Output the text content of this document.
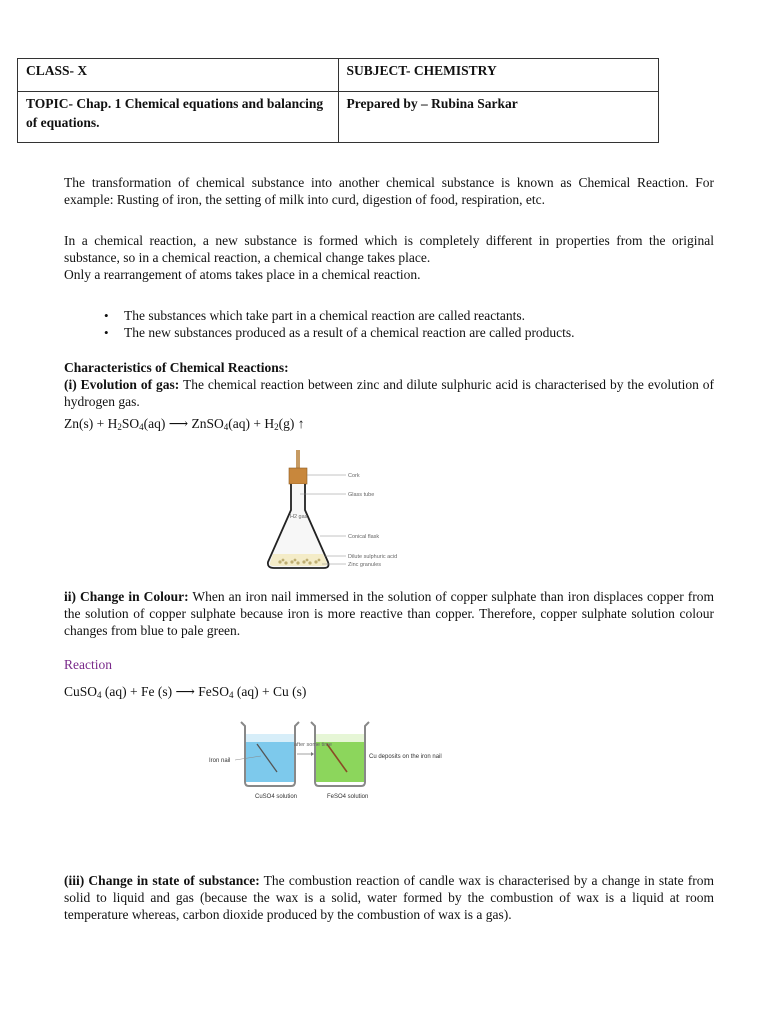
CLASS- X	SUBJECT- CHEMISTRY
TOPIC- Chap. 1 Chemical equations and balancing of equations.	Prepared by – Rubina Sarkar

The transformation of chemical substance into another chemical substance is known as Chemical Reaction. For example: Rusting of iron, the setting of milk into curd, digestion of food, respiration, etc.

In a chemical reaction, a new substance is formed which is completely different in properties from the original substance, so in a chemical reaction, a chemical change takes place.

Only a rearrangement of atoms takes place in a chemical reaction.

• The substances which take part in a chemical reaction are called reactants.

• The new substances produced as a result of a chemical reaction are called products.

Characteristics of Chemical Reactions:

(i) Evolution of gas: The chemical reaction between zinc and dilute sulphuric acid is characterised by the evolution of hydrogen gas.

$Zn(s) + H_2SO_4(aq)$ ⟶ ZnSO$_4$(aq) + $H_2(g)$ ↑
Cork
Glass tube
H2 gas
Conical flask
Dilute sulphuric acid
Zinc granules

ii) Change in Colour: When an iron nail immersed in the solution of copper sulphate than iron displaces copper from the solution of copper sulphate because iron is more reactive than copper. Therefore, copper sulphate solution colour changes from blue to pale green.

Reaction

CuSO$_4$ (aq) + Fe (s) ⟶ FeSO$_4$ (aq) + Cu (s)
after some time
Iron nail
Cu deposits on the iron nail
CuSO4 solution	FeSO4 solution

(iii) Change in state of substance: The combustion reaction of candle wax is characterised by a change in state from solid to liquid and gas (because the wax is a solid, water formed by the combustion of wax is a liquid at room temperature whereas, carbon dioxide produced by the combustion of wax is a gas).
